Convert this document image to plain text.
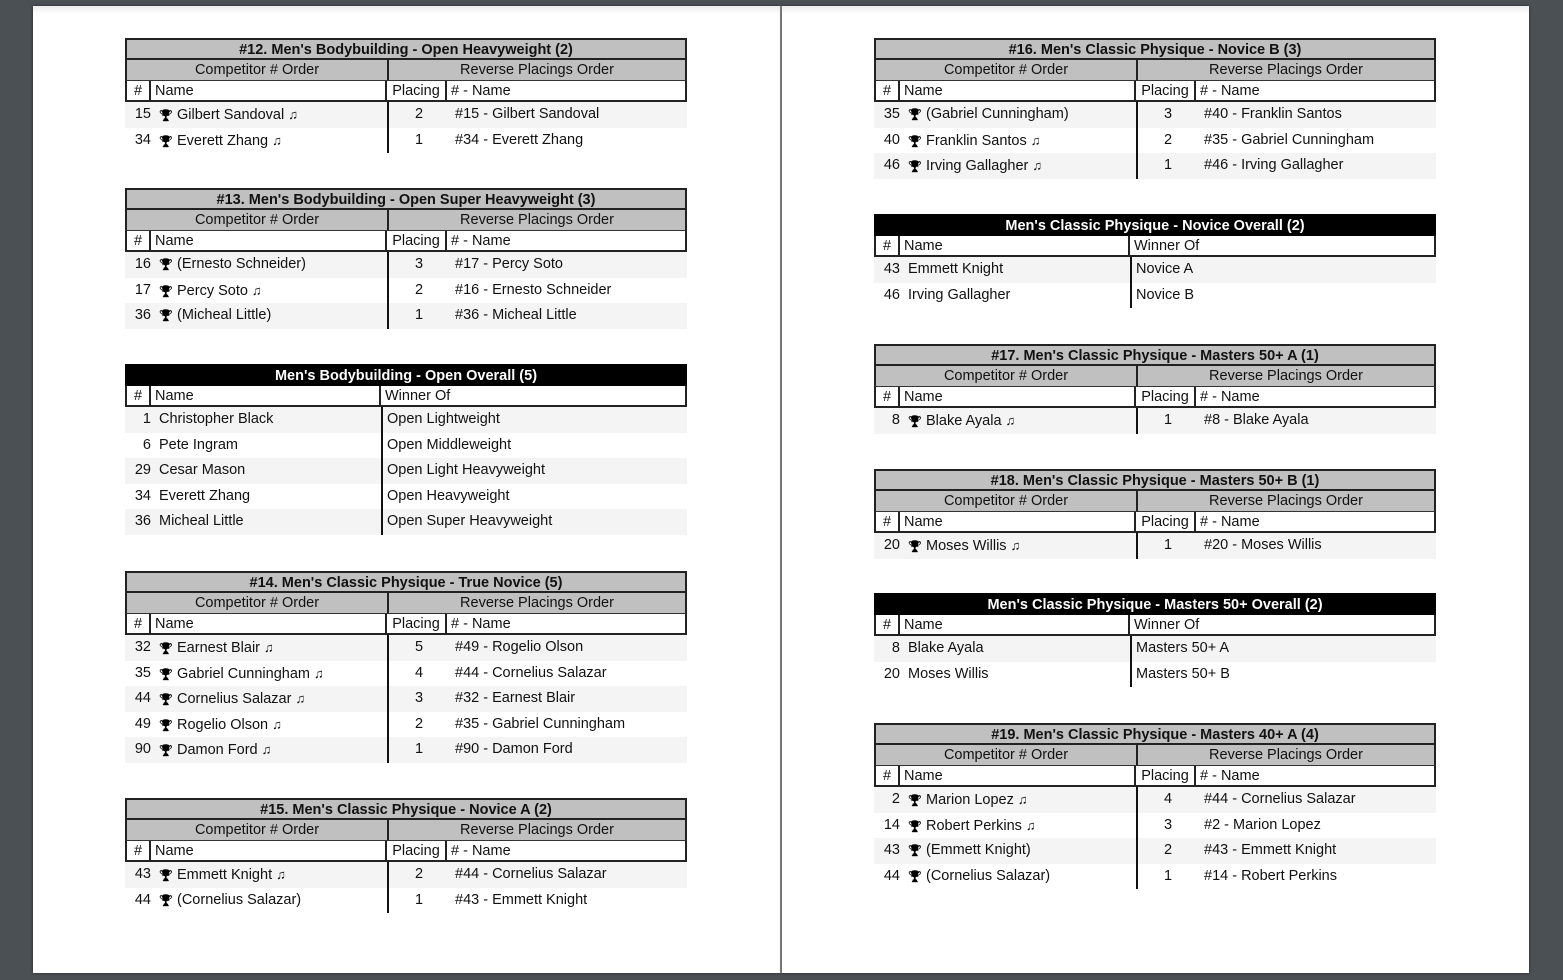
#12. Men's Bodybuilding - Open Heavyweight (2)
Competitor # Order	Reverse Placings Order
# Name	Placing # - Name
15 🏆 Gilbert Sandoval ♫	2	#15 - Gilbert Sandoval
34 🏆 Everett Zhang ♫	1	#34 - Everett Zhang
#13. Men's Bodybuilding - Open Super Heavyweight (3)
Competitor # Order	Reverse Placings Order
# Name	Placing # - Name
16 🏆 (Ernesto Schneider)	3	#17 - Percy Soto
17 🏆 Percy Soto ♫	2	#16 - Ernesto Schneider
36 🏆 (Micheal Little)	1	#36 - Micheal Little
Men's Bodybuilding - Open Overall (5)
# Name	Winner Of
1 Christopher Black	Open Lightweight
6 Pete Ingram	Open Middleweight
29 Cesar Mason	Open Light Heavyweight
34 Everett Zhang	Open Heavyweight
36 Micheal Little	Open Super Heavyweight
#14. Men's Classic Physique - True Novice (5)
Competitor # Order	Reverse Placings Order
# Name	Placing # - Name
32 🏆 Earnest Blair ♫	5	#49 - Rogelio Olson
35 🏆 Gabriel Cunningham ♫	4	#44 - Cornelius Salazar
44 🏆 Cornelius Salazar ♫	3	#32 - Earnest Blair
49 🏆 Rogelio Olson ♫	2	#35 - Gabriel Cunningham
90 🏆 Damon Ford ♫	1	#90 - Damon Ford
#15. Men's Classic Physique - Novice A (2)
Competitor # Order	Reverse Placings Order
# Name	Placing # - Name
43 🏆 Emmett Knight ♫	2	#44 - Cornelius Salazar
44 🏆 (Cornelius Salazar)	1	#43 - Emmett Knight
#16. Men's Classic Physique - Novice B (3)
Competitor # Order	Reverse Placings Order
# Name	Placing # - Name
35 🏆 (Gabriel Cunningham)	3	#40 - Franklin Santos
40 🏆 Franklin Santos ♫	2	#35 - Gabriel Cunningham
46 🏆 Irving Gallagher ♫	1	#46 - Irving Gallagher
Men's Classic Physique - Novice Overall (2)
# Name	Winner Of
43 Emmett Knight	Novice A
46 Irving Gallagher	Novice B
#17. Men's Classic Physique - Masters 50+ A (1)
Competitor # Order	Reverse Placings Order
# Name	Placing # - Name
8 🏆 Blake Ayala ♫	1	#8 - Blake Ayala
#18. Men's Classic Physique - Masters 50+ B (1)
Competitor # Order	Reverse Placings Order
# Name	Placing # - Name
20 🏆 Moses Willis ♫	1	#20 - Moses Willis
Men's Classic Physique - Masters 50+ Overall (2)
# Name	Winner Of
8 Blake Ayala	Masters 50+ A
20 Moses Willis	Masters 50+ B
#19. Men's Classic Physique - Masters 40+ A (4)
Competitor # Order	Reverse Placings Order
# Name	Placing # - Name
2 🏆 Marion Lopez ♫	4	#44 - Cornelius Salazar
14 🏆 Robert Perkins ♫	3	#2 - Marion Lopez
43 🏆 (Emmett Knight)	2	#43 - Emmett Knight
44 🏆 (Cornelius Salazar)	1	#14 - Robert Perkins
